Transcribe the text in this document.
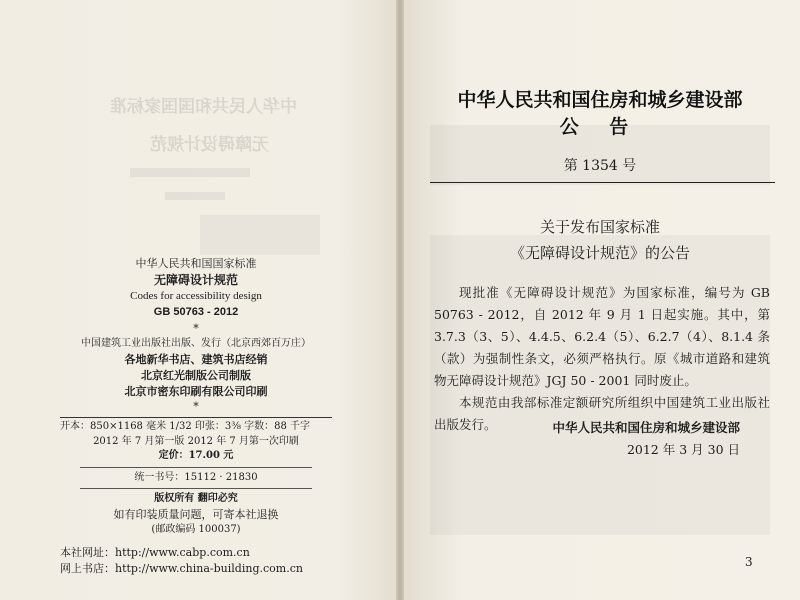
中华人民共和国国家标准
无障碍设计规范
中华人民共和国国家标准
无障碍设计规范
Codes for accessibility design
GB 50763 - 2012
*
中国建筑工业出版社出版、发行（北京西郊百万庄）
各地新华书店、建筑书店经销
北京红光制版公司制版
北京市密东印刷有限公司印刷
*
开本：850×1168 毫米 1/32 印张：3⅜ 字数：88 千字
2012 年 7 月第一版 2012 年 7 月第一次印刷
定价：17.00 元
统一书号：15112 · 21830
版权所有 翻印必究
如有印装质量问题，可寄本社退换
(邮政编码 100037)
本社网址：http://www.cabp.com.cn
网上书店：http://www.china-building.com.cn
中华人民共和国住房和城乡建设部
公 告
第 1354 号
关于发布国家标准
《无障碍设计规范》的公告

现批准《无障碍设计规范》为国家标准，编号为 GB 50763 - 2012，自 2012 年 9 月 1 日起实施。其中，第 3.7.3（3、5）、4.4.5、6.2.4（5）、6.2.7（4）、8.1.4 条（款）为强制性条文，必须严格执行。原《城市道路和建筑物无障碍设计规范》JGJ 50 - 2001 同时废止。

本规范由我部标准定额研究所组织中国建筑工业出版社出版发行。	中华人民共和国住房和城乡建设部
2012 年 3 月 30 日
3
